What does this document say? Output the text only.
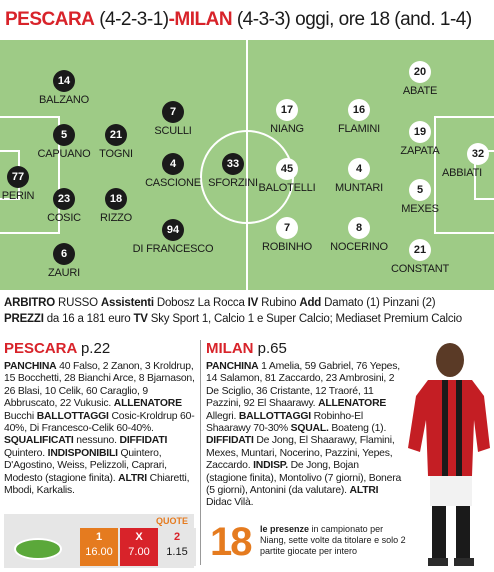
PESCARA (4-2-3-1)-MILAN (4-3-3) oggi, ore 18 (and. 1-4)
14
BALZANO
7
SCULLI
5
CAPUANO
21
TOGNI
4
CASCIONE
33
SFORZINI
77
PERIN	23
COSIC
18
RIZZO
94
DI FRANCESCO
6
ZAURI
20
ABATE
17
NIANG
16
FLAMINI	19
ZAPATA	32
ABBIATI
45
BALOTELLI
4
MUNTARI	5
MEXES
7
ROBINHO
8
NOCERINO	21
CONSTANT
ARBITRO RUSSO Assistenti Dobosz La Rocca IV Rubino Add Damato (1) Pinzani (2)
PREZZI da 16 a 181 euro TV Sky Sport 1, Calcio 1 e Super Calcio; Mediaset Premium Calcio
PESCARA p.22
PANCHINA 40 Falso, 2 Zanon, 3 Kroldrup, 15 Bocchetti, 28 Bianchi Arce, 8 Bjarnason, 26 Blasi, 10 Celik, 60 Caraglio, 9 Abbruscato, 22 Vukusic. ALLENATORE Bucchi BALLOTTAGGI Cosic-Kroldrup 60-40%, Di Francesco-Celik 60-40%. SQUALIFICATI nessuno. DIFFIDATI Quintero. INDISPONIBILI Quintero, D'Agostino, Weiss, Pelizzoli, Caprari, Modesto (stagione finita). ALTRI Chiaretti, Mbodi, Karkalis.
MILAN p.65
PANCHINA 1 Amelia, 59 Gabriel, 76 Yepes, 14 Salamon, 81 Zaccardo, 23 Ambrosini, 2 De Sciglio, 36 Cristante, 12 Traoré, 11 Pazzini, 92 El Shaarawy. ALLENATORE Allegri. BALLOTTAGGI Robinho-El Shaarawy 70-30% SQUAL. Boateng (1). DIFFIDATI De Jong, El Shaarawy, Flamini, Mexes, Muntari, Nocerino, Pazzini, Yepes, Zaccardo. INDISP. De Jong, Bojan (stagione finita), Montolivo (7 giorni), Bonera (5 giorni), Antonini (da valutare). ALTRI Didac Vilà.
QUOTE
1
16.00
X
7.00
2
1.15 18 le presenze in campionato per Niang, sette volte da titolare e solo 2 partite giocate per intero
